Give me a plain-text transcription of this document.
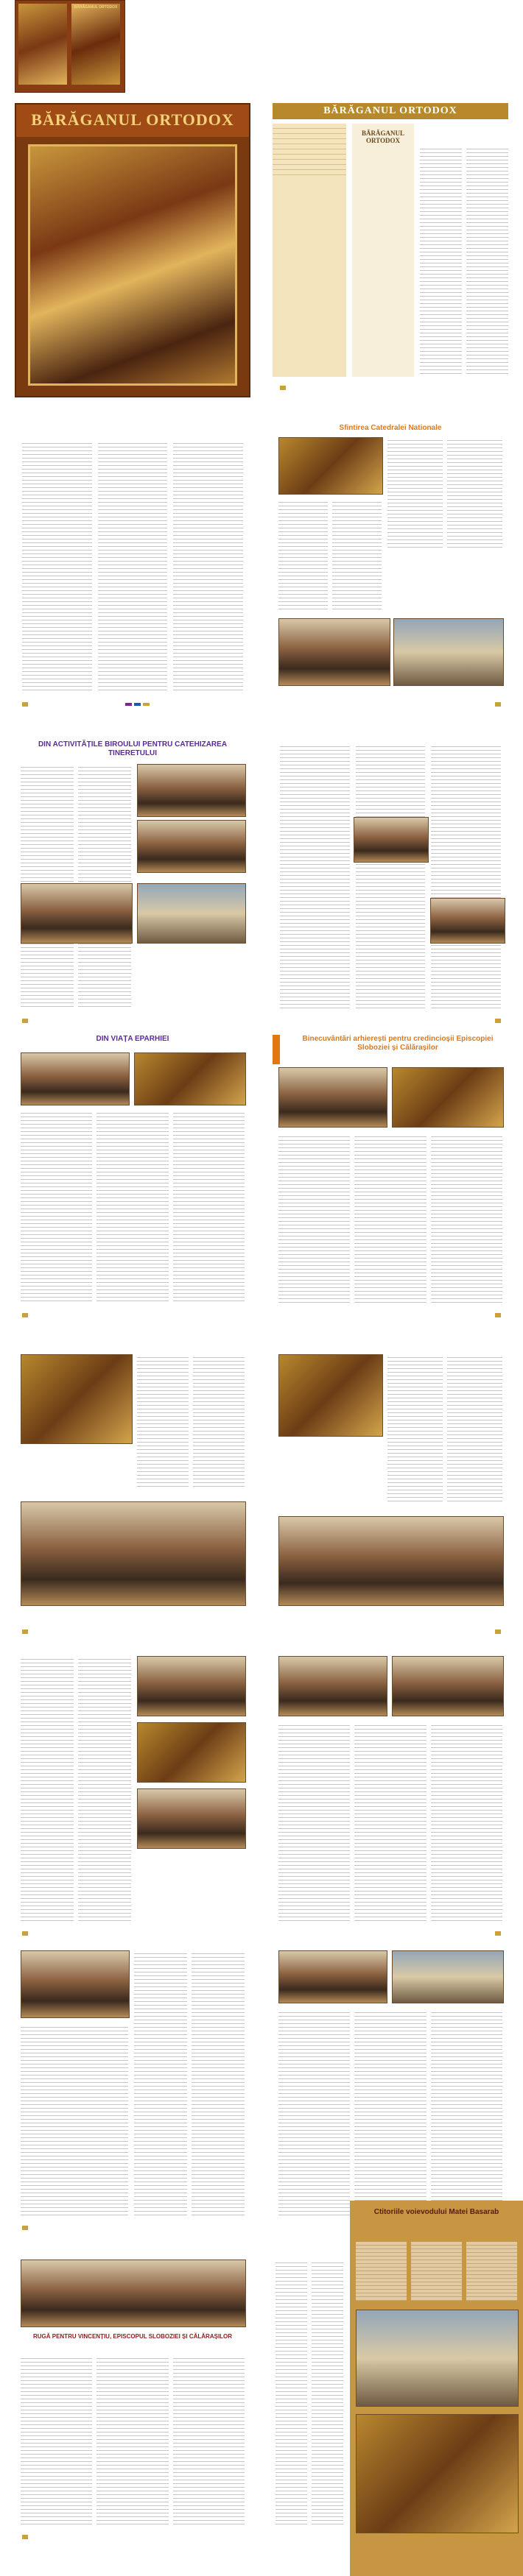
BĂRĂGANUL ORTODOX
BĂRĂGANUL ORTODOX	BĂRĂGANUL ORTODOX
BĂRĂGANUL ORTODOX
Sfintirea Catedralei Nationale
DIN ACTIVITĂȚILE BIROULUI PENTRU CATEHIZAREA TINERETULUI
DIN VIAȚA EPARHIEI	Binecuvântări arhierești pentru credincioșii Episcopiei Sloboziei și Călărașilor
RUGĂ PENTRU VINCENȚIU, EPISCOPUL SLOBOZIEI ȘI CĂLĂRAȘILOR
Ctitoriile voievodului Matei Basarab
